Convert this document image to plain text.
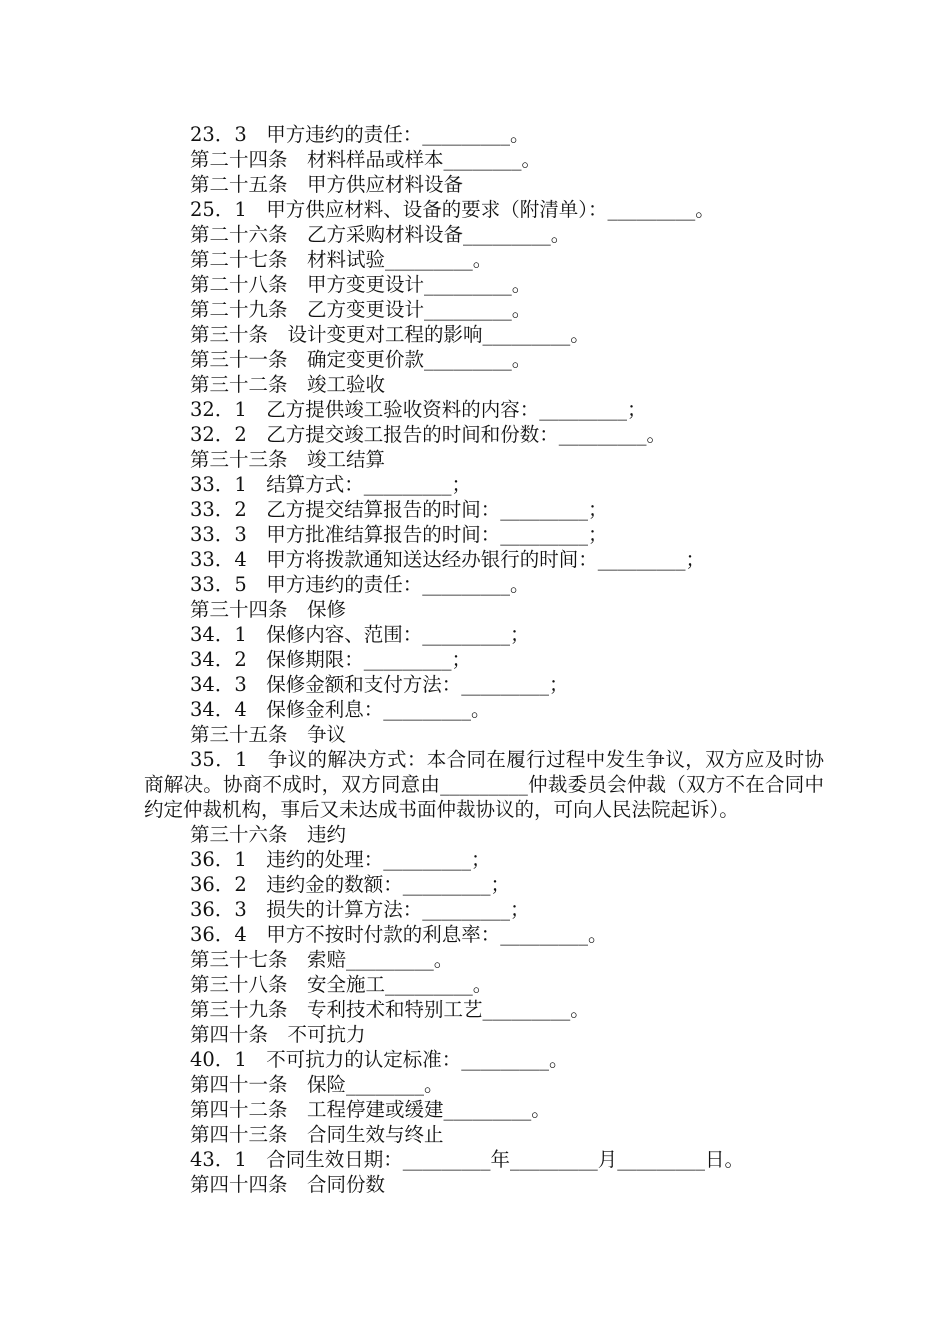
23．3　甲方违约的责任：_________。
第二十四条　材料样品或样本________。
第二十五条　甲方供应材料设备
25．1　甲方供应材料、设备的要求（附清单）：_________。
第二十六条　乙方采购材料设备_________。
第二十七条　材料试验_________。
第二十八条　甲方变更设计_________。
第二十九条　乙方变更设计_________。
第三十条　设计变更对工程的影响_________。
第三十一条　确定变更价款_________。
第三十二条　竣工验收
32．1　乙方提供竣工验收资料的内容：_________；
32．2　乙方提交竣工报告的时间和份数：_________。
第三十三条　竣工结算
33．1　结算方式：_________；
33．2　乙方提交结算报告的时间：_________；
33．3　甲方批准结算报告的时间：_________；
33．4　甲方将拨款通知送达经办银行的时间：_________；
33．5　甲方违约的责任：_________。
第三十四条　保修
34．1　保修内容、范围：_________；
34．2　保修期限：_________；
34．3　保修金额和支付方法：_________；
34．4　保修金利息：_________。
第三十五条　争议
35．1　争议的解决方式：本合同在履行过程中发生争议，双方应及时协商解决。协商不成时，双方同意由_________仲裁委员会仲裁（双方不在合同中约定仲裁机构，事后又未达成书面仲裁协议的，可向人民法院起诉）。
第三十六条　违约
36．1　违约的处理：_________；
36．2　违约金的数额：_________；
36．3　损失的计算方法：_________；
36．4　甲方不按时付款的利息率：_________。
第三十七条　索赔_________。
第三十八条　安全施工_________。
第三十九条　专利技术和特别工艺_________。
第四十条　不可抗力
40．1　不可抗力的认定标准：_________。
第四十一条　保险________。
第四十二条　工程停建或缓建_________。
第四十三条　合同生效与终止
43．1　合同生效日期：_________年_________月_________日。
第四十四条　合同份数
